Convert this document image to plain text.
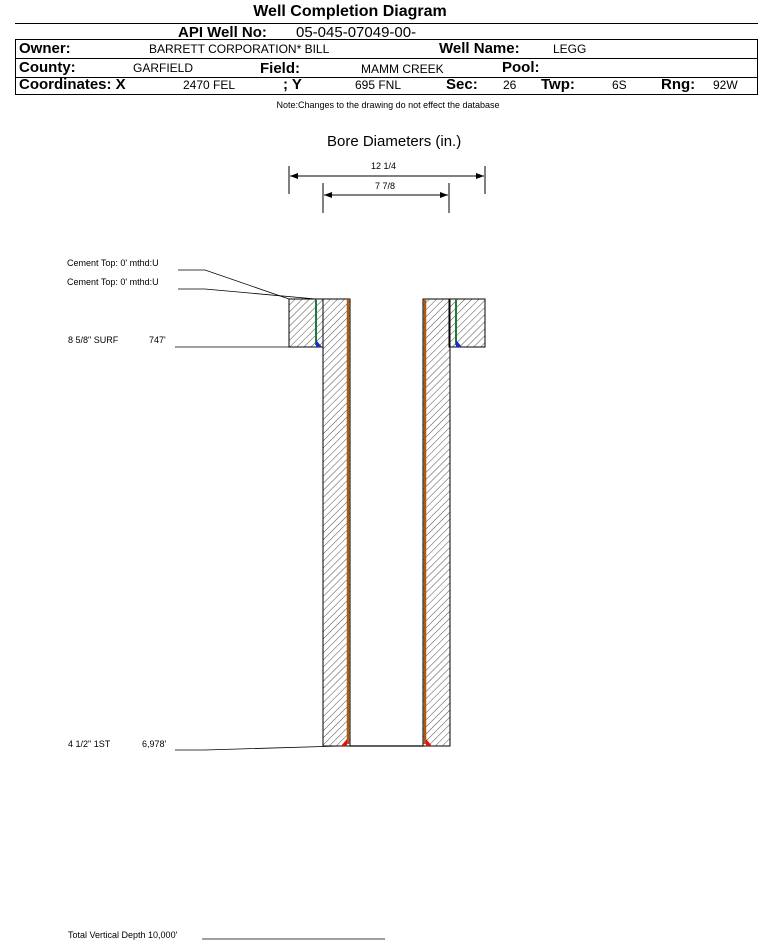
Well Completion Diagram
API Well No: 05-045-07049-00-
Owner:	BARRETT CORPORATION* BILL	Well Name:	LEGG
County:	GARFIELD	Field:	MAMM CREEK	Pool:
Coordinates: X	2470 FEL	; Y	695 FNL	Sec: 26 Twp:	6S Rng: 92W
Note:Changes to the drawing do not effect the database
Bore Diameters (in.)
12 1/4
7 7/8
Cement Top: 0' mthd:U
Cement Top: 0' mthd:U
8 5/8" SURF	747'
4 1/2" 1ST	6,978'
Total Vertical Depth 10,000'
